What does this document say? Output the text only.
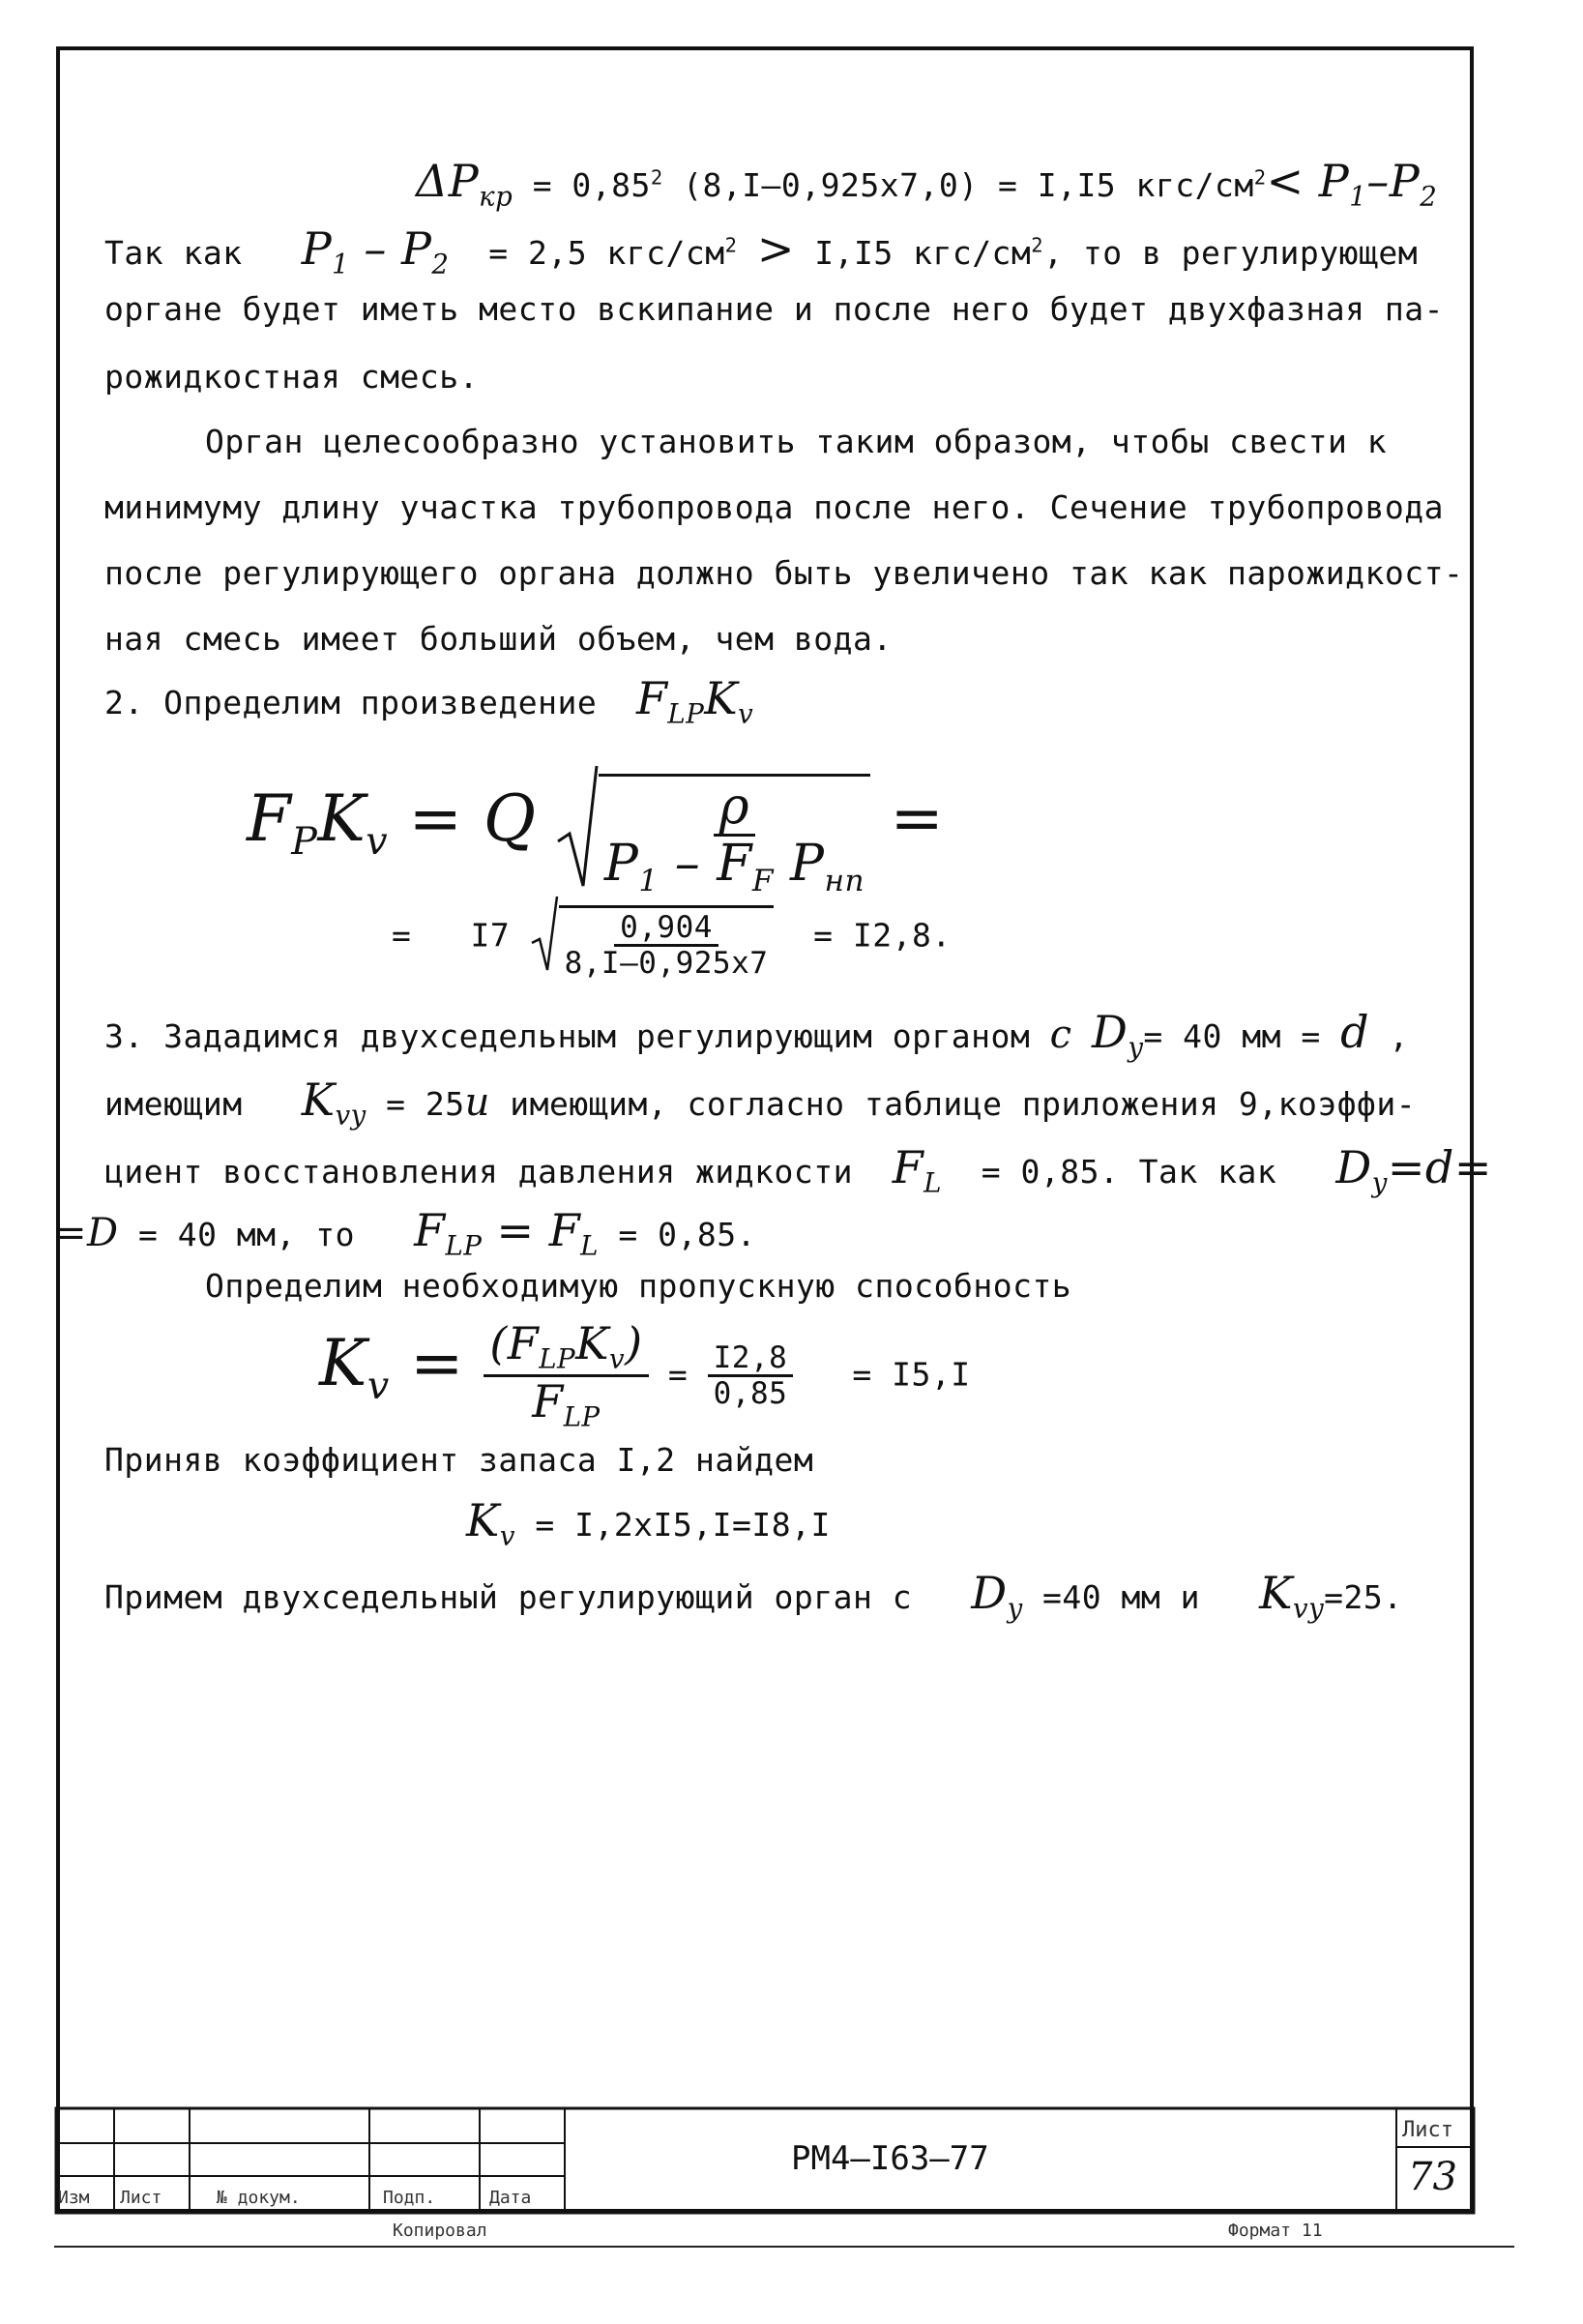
$\Delta P_{кр} = 0,85^2$ (8,I–0,925x7,0) = I,I5 кгс/$см^2< P_1-P_2$
Так как $P_1 - P_2 = 2,5$ кгс/$см^2 > I,I5$ кгс/$см^2$, то в регулирующем
органе будет иметь место вскипание и после него будет двухфазная па-
рожидкостная смесь.
Орган целесообразно установить таким образом, чтобы свести к
минимуму длину участка трубопровода после него. Сечение трубопровода
после регулирующего органа должно быть увеличено так как парожидкост-
ная смесь имеет больший объем, чем вода.
2. Определим произведение $F_{LP}K_v$
$F_PK_v = Q \frac{\rho}{P_1 - F_F P_{нп}}$ =
= $I7 \frac{0,904}{8,I-0,925x7} = I2,8$.
3. Зададимся двухседельным регулирующим органом c $D_y= 40$ мм = d ,
имеющим $K_{vy} = 25и$ имеющим, согласно таблице приложения 9,коэффи-
циент восстановления давления жидкости $F_L = 0,85$. Так как $D_y=d=$
=D = 40 мм, то $F_{LP} = F_L = 0,85$.
Определим необходимую пропускную способность
$K_v = \frac{(F_{LP}K_v)}{F_{LP}} = \frac{I2,8}{0,85} = I5,I$
Приняв коэффициент запаса I,2 найдем
$K_v = I,2xI5,I=I8,I$
Примем двухседельный регулирующий орган с $D_y =40$ мм и $K_{vy}=25$.
Изм Лист	№ докум.	Подп.	Дата
РМ4–I63–77
Лист
73
Копировал	Формат 11
